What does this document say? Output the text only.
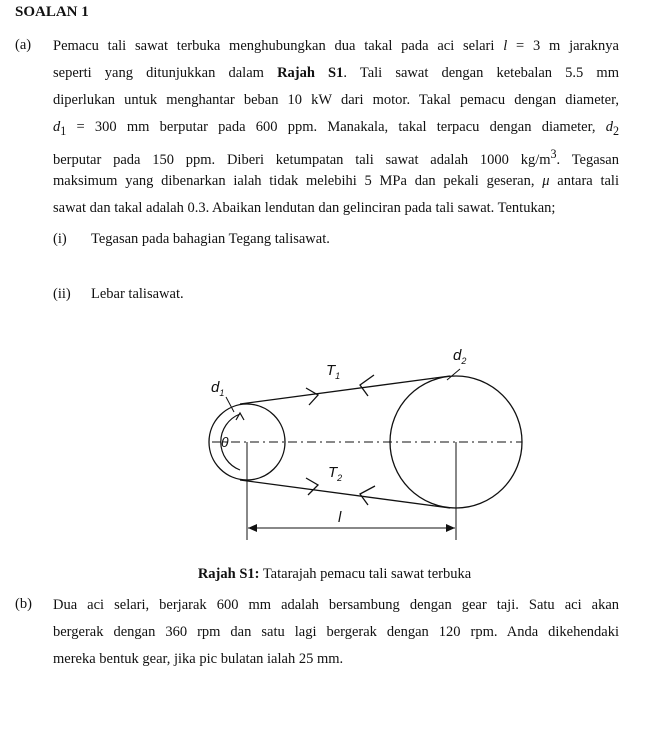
SOALAN 1
(a) Pemacu tali sawat terbuka menghubungkan dua takal pada aci selari l = 3 m jaraknya
seperti yang ditunjukkan dalam Rajah S1. Tali sawat dengan ketebalan 5.5 mm
diperlukan untuk menghantar beban 10 kW dari motor. Takal pemacu dengan diameter,
$d_1 = 300$ mm berputar pada 600 ppm. Manakala, takal terpacu dengan diameter, $d_2$
berputar pada 150 ppm. Diberi ketumpatan tali sawat adalah 1000 $kg/m^3$. Tegasan
maksimum yang dibenarkan ialah tidak melebihi 5 MPa dan pekali geseran, μ antara tali
sawat dan takal adalah 0.3. Abaikan lendutan dan gelinciran pada tali sawat. Tentukan;
(i) Tegasan pada bahagian Tegang talisawat.
(ii) Lebar talisawat.
$d_1$
$d_2$
$T_1$
$T_2$
θ
l
Rajah S1: Tatarajah pemacu tali sawat terbuka
(b) Dua aci selari, berjarak 600 mm adalah bersambung dengan gear taji. Satu aci akan
bergerak dengan 360 rpm dan satu lagi bergerak dengan 120 rpm. Anda dikehendaki
mereka bentuk gear, jika pic bulatan ialah 25 mm.
